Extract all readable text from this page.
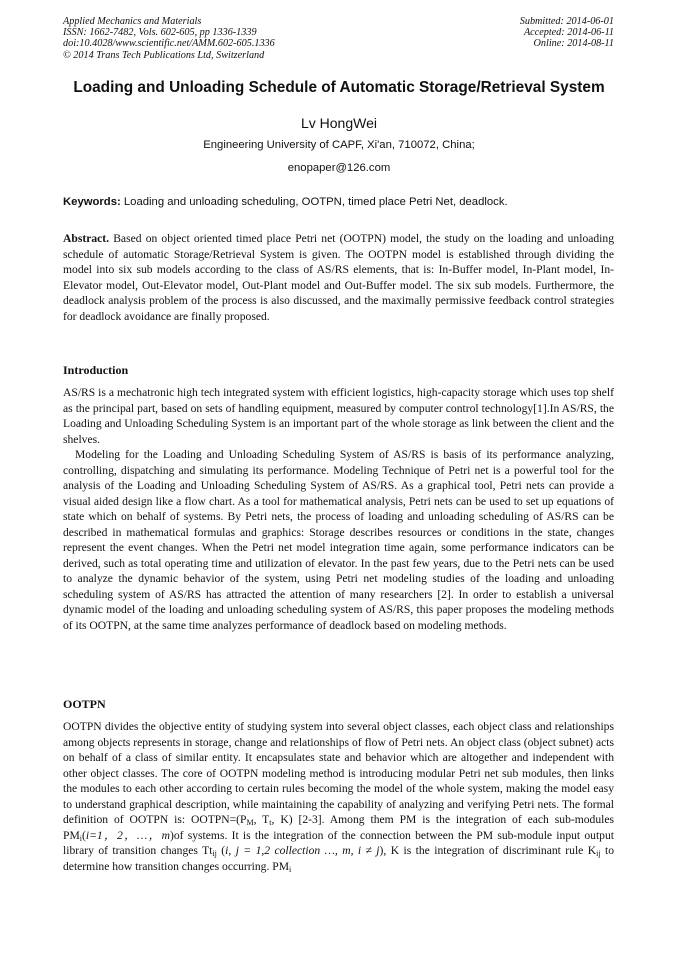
Applied Mechanics and Materials
ISSN: 1662-7482, Vols. 602-605, pp 1336-1339
doi:10.4028/www.scientific.net/AMM.602-605.1336
© 2014 Trans Tech Publications Ltd, Switzerland
Submitted: 2014-06-01
Accepted: 2014-06-11
Online: 2014-08-11
Loading and Unloading Schedule of Automatic Storage/Retrieval System
Lv HongWei
Engineering University of CAPF, Xi'an, 710072, China;
enopaper@126.com
Keywords: Loading and unloading scheduling, OOTPN, timed place Petri Net, deadlock.

Abstract. Based on object oriented timed place Petri net (OOTPN) model, the study on the loading and unloading schedule of automatic Storage/Retrieval System is given. The OOTPN model is established through dividing the model into six sub models according to the class of AS/RS elements, that is: In-Buffer model, In-Plant model, In-Elevator model, Out-Elevator model, Out-Plant model and Out-Buffer model. The six sub models. Furthermore, the deadlock analysis problem of the process is also discussed, and the maximally permissive feedback control strategies for deadlock avoidance are finally proposed.

Introduction

AS/RS is a mechatronic high tech integrated system with efficient logistics, high-capacity storage which uses top shelf as the principal part, based on sets of handling equipment, measured by computer control technology[1].In AS/RS, the Loading and Unloading Scheduling System is an important part of the whole storage as link between the client and the shelves.

Modeling for the Loading and Unloading Scheduling System of AS/RS is basis of its performance analyzing, controlling, dispatching and simulating its performance. Modeling Technique of Petri net is a powerful tool for the analysis of the Loading and Unloading Scheduling System of AS/RS. As a graphical tool, Petri nets can provide a visual aided design like a flow chart. As a tool for mathematical analysis, Petri nets can be used to set up equations of state which on behalf of systems. By Petri nets, the process of loading and unloading scheduling of AS/RS can be described in mathematical formulas and graphics: Storage describes resources or conditions in the state, changes represent the event changes. When the Petri net model integration time again, some performance indicators can be derived, such as total operating time and utilization of elevator. In the past few years, due to the Petri nets can be used to analyze the dynamic behavior of the system, using Petri net modeling studies of the loading and unloading scheduling system of AS/RS has attracted the attention of many researchers [2]. In order to establish a universal dynamic model of the loading and unloading scheduling system of AS/RS, this paper proposes the modeling methods of its OOTPN, at the same time analyzes performance of deadlock based on modeling methods.

OOTPN

OOTPN divides the objective entity of studying system into several object classes, each object class and relationships among objects represents in storage, change and relationships of flow of Petri nets. An object class (object subnet) acts on behalf of a class of similar entity. It encapsulates state and behavior which are altogether and independent with other object classes. The core of OOTPN modeling method is introducing modular Petri net sub modules, then links the modules to each other according to certain rules becoming the model of the whole system, making the model easy to understand graphical description, while maintaining the capability of analyzing and verifying Petri nets. The formal definition of OOTPN is: $OOTPN=(P_M$, $T_t$, K) [2-3]. Among them PM is the integration of each sub-modules $PM_i(i=1$，2，…，m)of systems. It is the integration of the connection between the PM sub-module input output library of transition changes $Tt_{ij}$ (i, j = 1,2 collection …, m, i ≠ j), K is the integration of discriminant rule $K_{ij}$ to determine how transition changes occurring. $PM_i$
